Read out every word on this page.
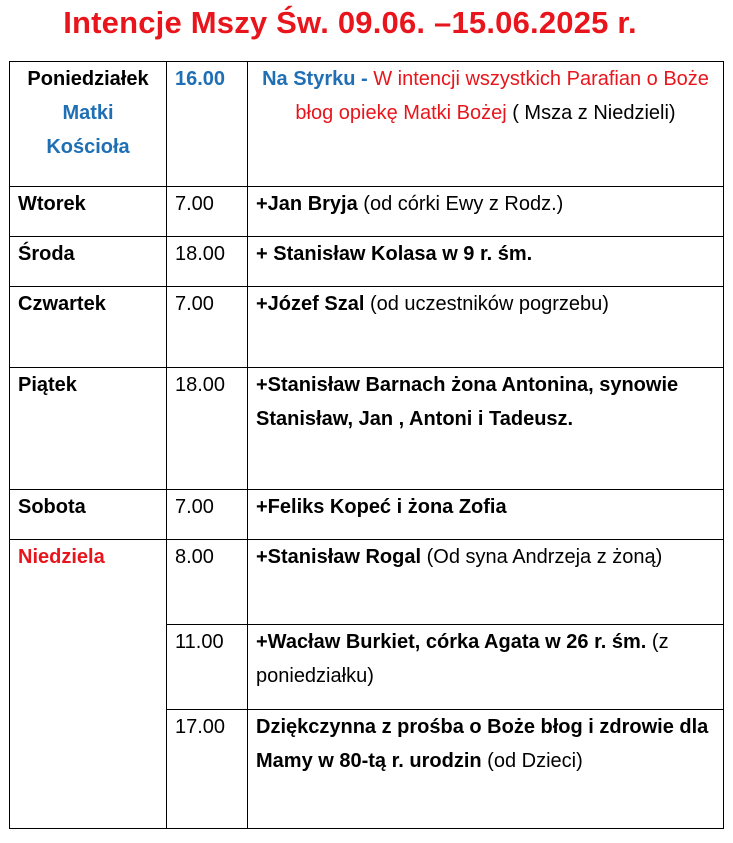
Intencje Mszy Św. 09.06. –15.06.2025 r.
Poniedziałek
Matki
Kościoła	16.00	Na Styrku - W intencji wszystkich Parafian o Boże błog opiekę Matki Bożej ( Msza z Niedzieli)
Wtorek	7.00	+Jan Bryja (od córki Ewy z Rodz.)
Środa	18.00	+ Stanisław Kolasa w 9 r. śm.
Czwartek	7.00	+Józef Szal (od uczestników pogrzebu)
Piątek	18.00	+Stanisław Barnach żona Antonina, synowie Stanisław, Jan , Antoni i Tadeusz.
Sobota	7.00	+Feliks Kopeć i żona Zofia
Niedziela	8.00	+Stanisław Rogal (Od syna Andrzeja z żoną)
	11.00	+Wacław Burkiet, córka Agata w 26 r. śm. (z poniedziałku)
	17.00	Dziękczynna z prośba o Boże błog i zdrowie dla Mamy w 80-tą r. urodzin (od Dzieci)
